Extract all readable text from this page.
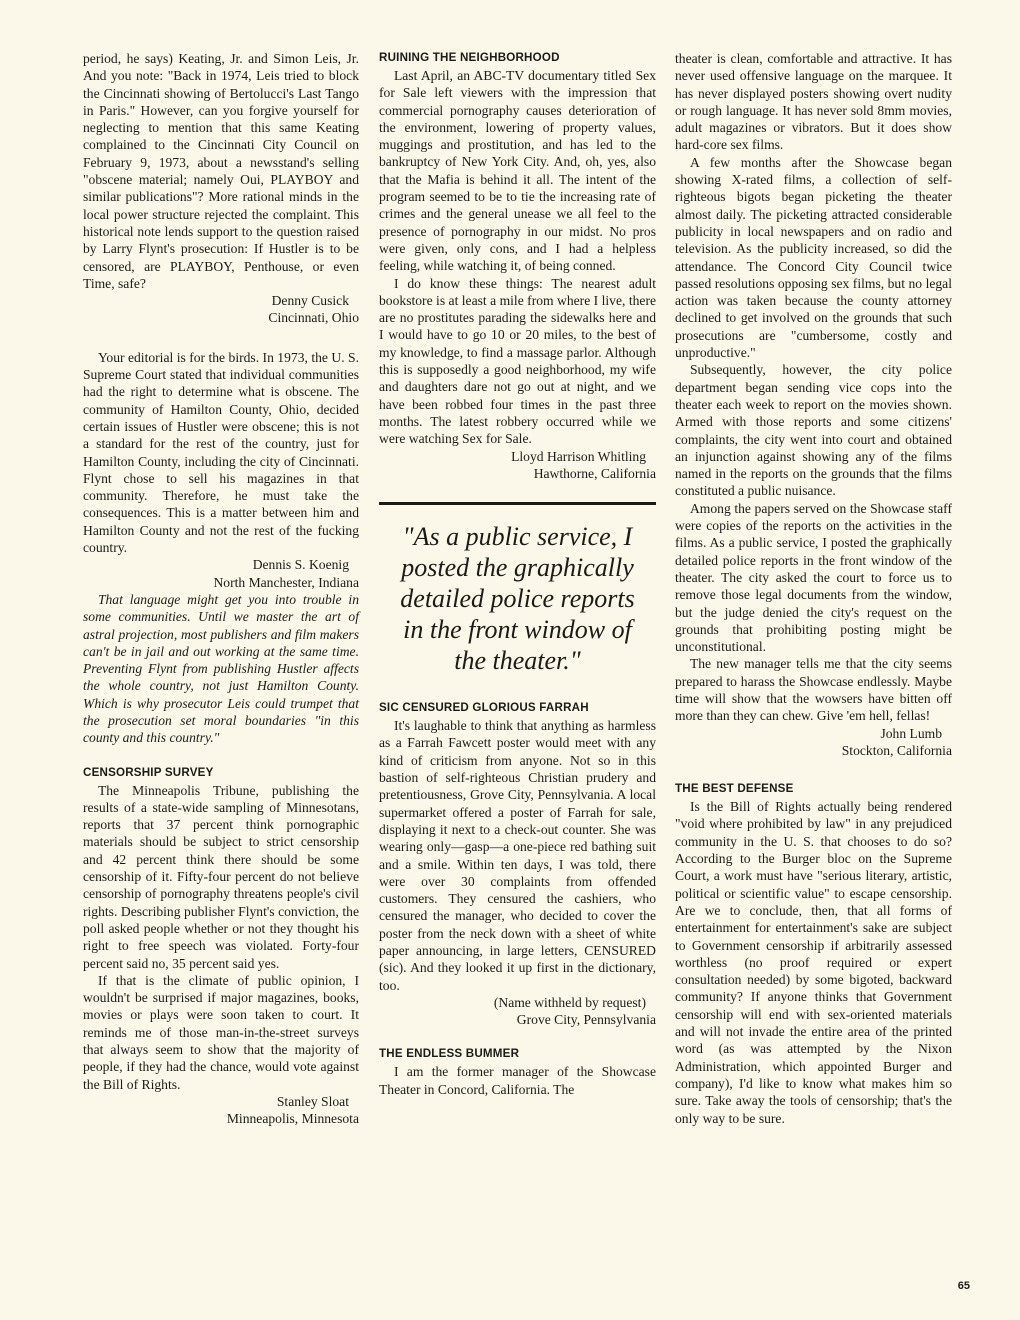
period, he says) Keating, Jr. and Simon Leis, Jr. And you note: "Back in 1974, Leis tried to block the Cincinnati showing of Bertolucci's Last Tango in Paris." However, can you forgive yourself for neglecting to mention that this same Keating complained to the Cincinnati City Council on February 9, 1973, about a newsstand's selling "obscene material; namely Oui, PLAYBOY and similar publications"? More rational minds in the local power structure rejected the complaint. This historical note lends support to the question raised by Larry Flynt's prosecution: If Hustler is to be censored, are PLAYBOY, Penthouse, or even Time, safe?

Denny Cusick
Cincinnati, Ohio

Your editorial is for the birds. In 1973, the U. S. Supreme Court stated that individual communities had the right to determine what is obscene. The community of Hamilton County, Ohio, decided certain issues of Hustler were obscene; this is not a standard for the rest of the country, just for Hamilton County, including the city of Cincinnati. Flynt chose to sell his magazines in that community. Therefore, he must take the consequences. This is a matter between him and Hamilton County and not the rest of the fucking country.

Dennis S. Koenig
North Manchester, Indiana

That language might get you into trouble in some communities. Until we master the art of astral projection, most publishers and film makers can't be in jail and out working at the same time. Preventing Flynt from publishing Hustler affects the whole country, not just Hamilton County. Which is why prosecutor Leis could trumpet that the prosecution set moral boundaries "in this county and this country."

CENSORSHIP SURVEY

The Minneapolis Tribune, publishing the results of a state-wide sampling of Minnesotans, reports that 37 percent think pornographic materials should be subject to strict censorship and 42 percent think there should be some censorship of it. Fifty-four percent do not believe censorship of pornography threatens people's civil rights. Describing publisher Flynt's conviction, the poll asked people whether or not they thought his right to free speech was violated. Forty-four percent said no, 35 percent said yes.

If that is the climate of public opinion, I wouldn't be surprised if major magazines, books, movies or plays were soon taken to court. It reminds me of those man-in-the-street surveys that always seem to show that the majority of people, if they had the chance, would vote against the Bill of Rights.

Stanley Sloat
Minneapolis, Minnesota
RUINING THE NEIGHBORHOOD

Last April, an ABC-TV documentary titled Sex for Sale left viewers with the impression that commercial pornography causes deterioration of the environment, lowering of property values, muggings and prostitution, and has led to the bankruptcy of New York City. And, oh, yes, also that the Mafia is behind it all. The intent of the program seemed to be to tie the increasing rate of crimes and the general unease we all feel to the presence of pornography in our midst. No pros were given, only cons, and I had a helpless feeling, while watching it, of being conned.

I do know these things: The nearest adult bookstore is at least a mile from where I live, there are no prostitutes parading the sidewalks here and I would have to go 10 or 20 miles, to the best of my knowledge, to find a massage parlor. Although this is supposedly a good neighborhood, my wife and daughters dare not go out at night, and we have been robbed four times in the past three months. The latest robbery occurred while we were watching Sex for Sale.

Lloyd Harrison Whitling
Hawthorne, California
"As a public service, I posted the graphically detailed police reports in the front window of the theater."
SIC CENSURED GLORIOUS FARRAH

It's laughable to think that anything as harmless as a Farrah Fawcett poster would meet with any kind of criticism from anyone. Not so in this bastion of self-righteous Christian prudery and pretentiousness, Grove City, Pennsylvania. A local supermarket offered a poster of Farrah for sale, displaying it next to a check-out counter. She was wearing only—gasp—a one-piece red bathing suit and a smile. Within ten days, I was told, there were over 30 complaints from offended customers. They censured the cashiers, who censured the manager, who decided to cover the poster from the neck down with a sheet of white paper announcing, in large letters, CENSURED (sic). And they looked it up first in the dictionary, too.

(Name withheld by request)
Grove City, Pennsylvania
THE ENDLESS BUMMER

I am the former manager of the Showcase Theater in Concord, California. The

theater is clean, comfortable and attractive. It has never used offensive language on the marquee. It has never displayed posters showing overt nudity or rough language. It has never sold 8mm movies, adult magazines or vibrators. But it does show hard-core sex films.

A few months after the Showcase began showing X-rated films, a collection of self-righteous bigots began picketing the theater almost daily. The picketing attracted considerable publicity in local newspapers and on radio and television. As the publicity increased, so did the attendance. The Concord City Council twice passed resolutions opposing sex films, but no legal action was taken because the county attorney declined to get involved on the grounds that such prosecutions are "cumbersome, costly and unproductive."

Subsequently, however, the city police department began sending vice cops into the theater each week to report on the movies shown. Armed with those reports and some citizens' complaints, the city went into court and obtained an injunction against showing any of the films named in the reports on the grounds that the films constituted a public nuisance.

Among the papers served on the Showcase staff were copies of the reports on the activities in the films. As a public service, I posted the graphically detailed police reports in the front window of the theater. The city asked the court to force us to remove those legal documents from the window, but the judge denied the city's request on the grounds that prohibiting posting might be unconstitutional.

The new manager tells me that the city seems prepared to harass the Showcase endlessly. Maybe time will show that the wowsers have bitten off more than they can chew. Give 'em hell, fellas!

John Lumb
Stockton, California
THE BEST DEFENSE

Is the Bill of Rights actually being rendered "void where prohibited by law" in any prejudiced community in the U. S. that chooses to do so? According to the Burger bloc on the Supreme Court, a work must have "serious literary, artistic, political or scientific value" to escape censorship. Are we to conclude, then, that all forms of entertainment for entertainment's sake are subject to Government censorship if arbitrarily assessed worthless (no proof required or expert consultation needed) by some bigoted, backward community? If anyone thinks that Government censorship will end with sex-oriented materials and will not invade the entire area of the printed word (as was attempted by the Nixon Administration, which appointed Burger and company), I'd like to know what makes him so sure. Take away the tools of censorship; that's the only way to be sure.

65
